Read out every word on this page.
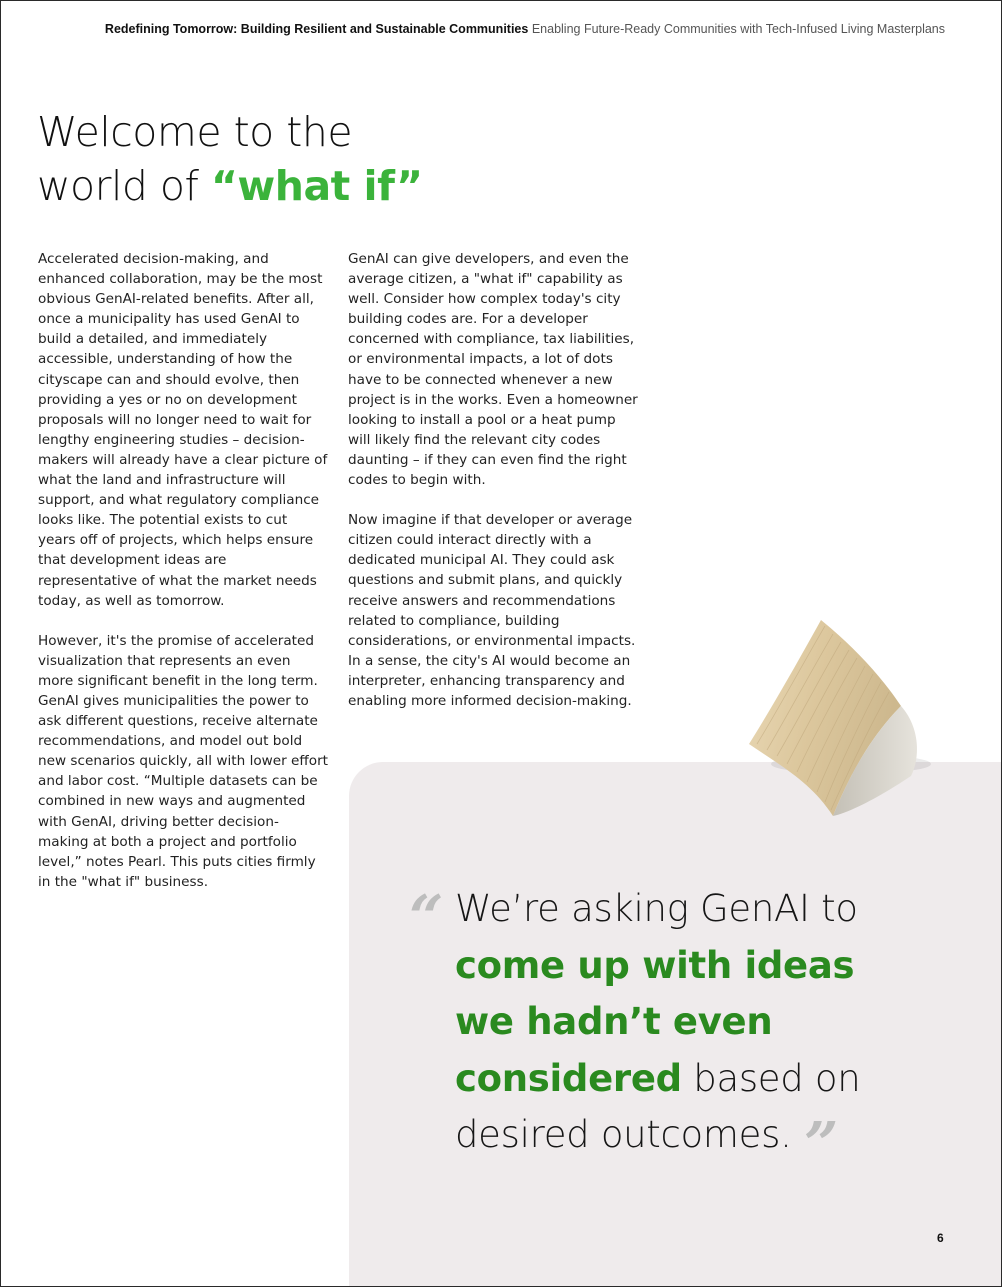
Redefining Tomorrow: Building Resilient and Sustainable Communities Enabling Future-Ready Communities with Tech-Infused Living Masterplans
Welcome to the
world of “what if”

Accelerated decision-making, and enhanced collaboration, may be the most obvious GenAI-related benefits. After all, once a municipality has used GenAI to build a detailed, and immediately accessible, understanding of how the cityscape can and should evolve, then providing a yes or no on development proposals will no longer need to wait for lengthy engineering studies – decision-makers will already have a clear picture of what the land and infrastructure will support, and what regulatory compliance looks like. The potential exists to cut years off of projects, which helps ensure that development ideas are representative of what the market needs today, as well as tomorrow.

However, it's the promise of accelerated visualization that represents an even more significant benefit in the long term. GenAI gives municipalities the power to ask different questions, receive alternate recommendations, and model out bold new scenarios quickly, all with lower effort and labor cost. “Multiple datasets can be combined in new ways and augmented with GenAI, driving better decision-making at both a project and portfolio level,” notes Pearl. This puts cities firmly in the "what if" business.

GenAI can give developers, and even the average citizen, a "what if" capability as well. Consider how complex today's city building codes are. For a developer concerned with compliance, tax liabilities, or environmental impacts, a lot of dots have to be connected whenever a new project is in the works. Even a homeowner looking to install a pool or a heat pump will likely find the relevant city codes daunting – if they can even find the right codes to begin with.

Now imagine if that developer or average citizen could interact directly with a dedicated municipal AI. They could ask questions and submit plans, and quickly receive answers and recommendations related to compliance, building considerations, or environmental impacts. In a sense, the city's AI would become an interpreter, enhancing transparency and enabling more informed decision-making.

“ We’re asking GenAI to come up with ideas we hadn’t even considered based on desired outcomes. ”
6
